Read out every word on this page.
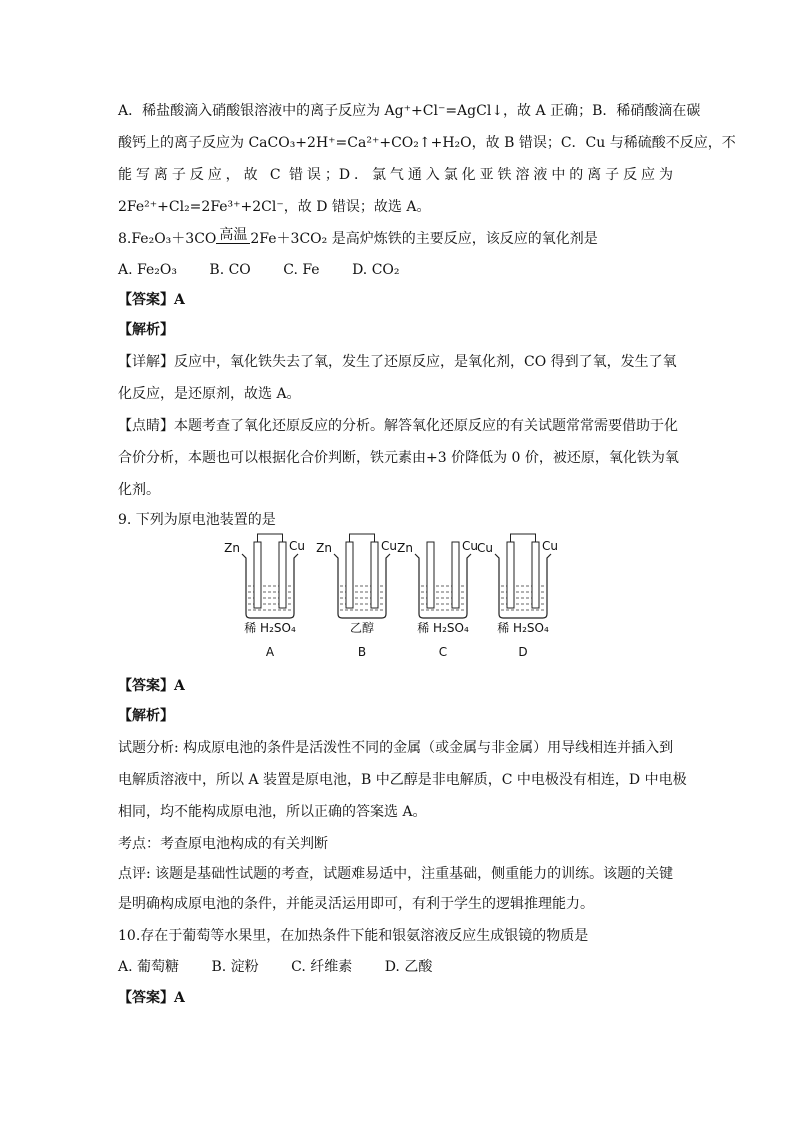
A．稀盐酸滴入硝酸银溶液中的离子反应为 Ag⁺+Cl⁻=AgCl↓，故 A 正确；B．稀硝酸滴在碳
酸钙上的离子反应为 CaCO₃+2H⁺=Ca²⁺+CO₂↑+H₂O，故 B 错误；C．Cu 与稀硫酸不反应，不
能写离子反应，故 C 错误；D．氯气通入氯化亚铁溶液中的离子反应为
2Fe²⁺+Cl₂=2Fe³⁺+2Cl⁻，故 D 错误；故选 A。
8.Fe₂O₃＋3CO 高温 2Fe＋3CO₂ 是高炉炼铁的主要反应，该反应的氧化剂是
A. Fe₂O₃ B. CO C. Fe D. CO₂
【答案】A
【解析】
【详解】反应中，氧化铁失去了氧，发生了还原反应，是氧化剂，CO 得到了氧，发生了氧
化反应，是还原剂，故选 A。
【点睛】本题考查了氧化还原反应的分析。解答氧化还原反应的有关试题常常需要借助于化
合价分析，本题也可以根据化合价判断，铁元素由+3 价降低为 0 价，被还原，氧化铁为氧
化剂。
9. 下列为原电池装置的是
Zn	Cu
稀 H₂SO₄
A
Zn	Cu
乙醇
B
Zn	Cu
稀 H₂SO₄
C
Cu	Cu
稀 H₂SO₄
D
【答案】A
【解析】
试题分析: 构成原电池的条件是活泼性不同的金属（或金属与非金属）用导线相连并插入到
电解质溶液中，所以 A 装置是原电池，B 中乙醇是非电解质，C 中电极没有相连，D 中电极
相同，均不能构成原电池，所以正确的答案选 A。
考点：考查原电池构成的有关判断
点评: 该题是基础性试题的考查，试题难易适中，注重基础，侧重能力的训练。该题的关键
是明确构成原电池的条件，并能灵活运用即可，有利于学生的逻辑推理能力。
10.存在于葡萄等水果里，在加热条件下能和银氨溶液反应生成银镜的物质是
A. 葡萄糖 B. 淀粉 C. 纤维素 D. 乙酸
【答案】A
